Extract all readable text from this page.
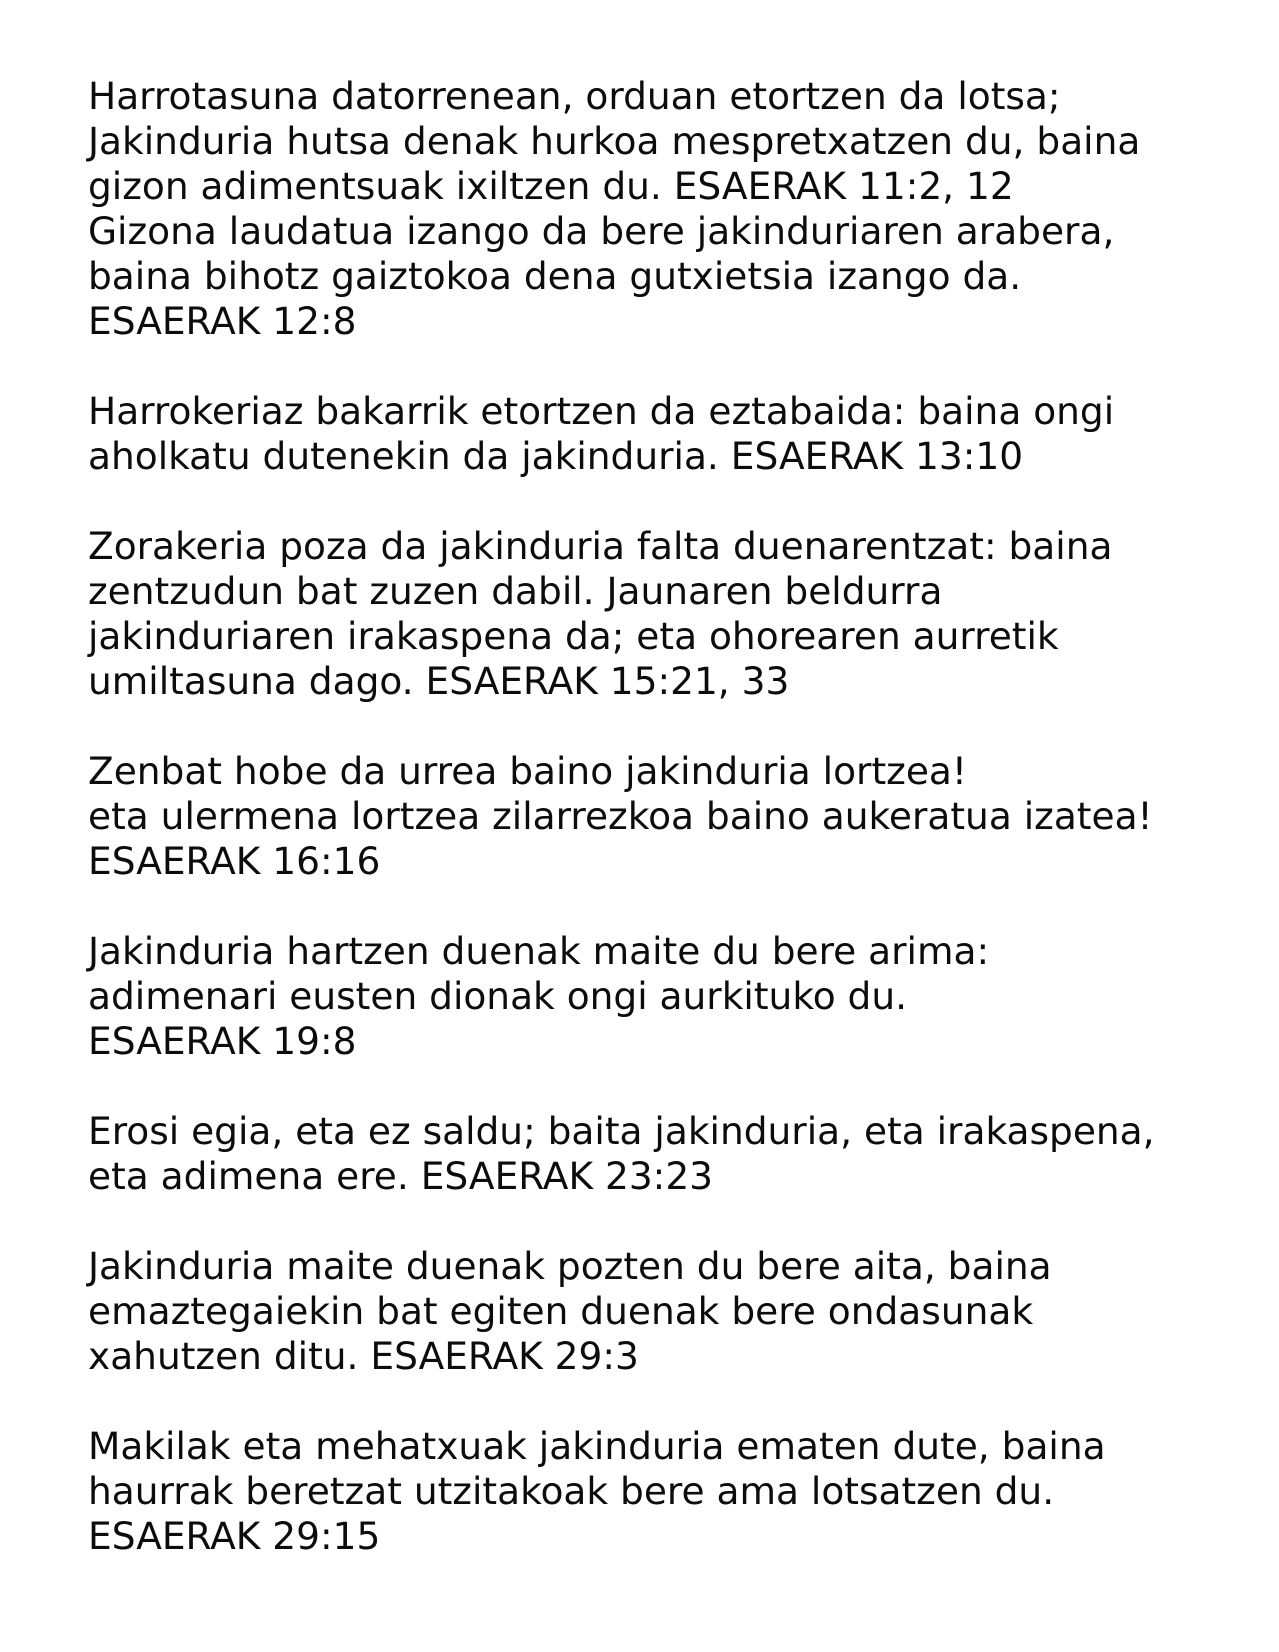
Harrotasuna datorrenean, orduan etortzen da lotsa;
Jakinduria hutsa denak hurkoa mespretxatzen du, baina
gizon adimentsuak ixiltzen du. ESAERAK 11:2, 12
Gizona laudatua izango da bere jakinduriaren arabera,
baina bihotz gaiztokoa dena gutxietsia izango da.
ESAERAK 12:8
Harrokeriaz bakarrik etortzen da eztabaida: baina ongi
aholkatu dutenekin da jakinduria. ESAERAK 13:10
Zorakeria poza da jakinduria falta duenarentzat: baina
zentzudun bat zuzen dabil. Jaunaren beldurra
jakinduriaren irakaspena da; eta ohorearen aurretik
umiltasuna dago. ESAERAK 15:21, 33
Zenbat hobe da urrea baino jakinduria lortzea!
eta ulermena lortzea zilarrezkoa baino aukeratua izatea!
ESAERAK 16:16
Jakinduria hartzen duenak maite du bere arima:
adimenari eusten dionak ongi aurkituko du.
ESAERAK 19:8
Erosi egia, eta ez saldu; baita jakinduria, eta irakaspena,
eta adimena ere. ESAERAK 23:23
Jakinduria maite duenak pozten du bere aita, baina
emaztegaiekin bat egiten duenak bere ondasunak
xahutzen ditu. ESAERAK 29:3
Makilak eta mehatxuak jakinduria ematen dute, baina
haurrak beretzat utzitakoak bere ama lotsatzen du.
ESAERAK 29:15
